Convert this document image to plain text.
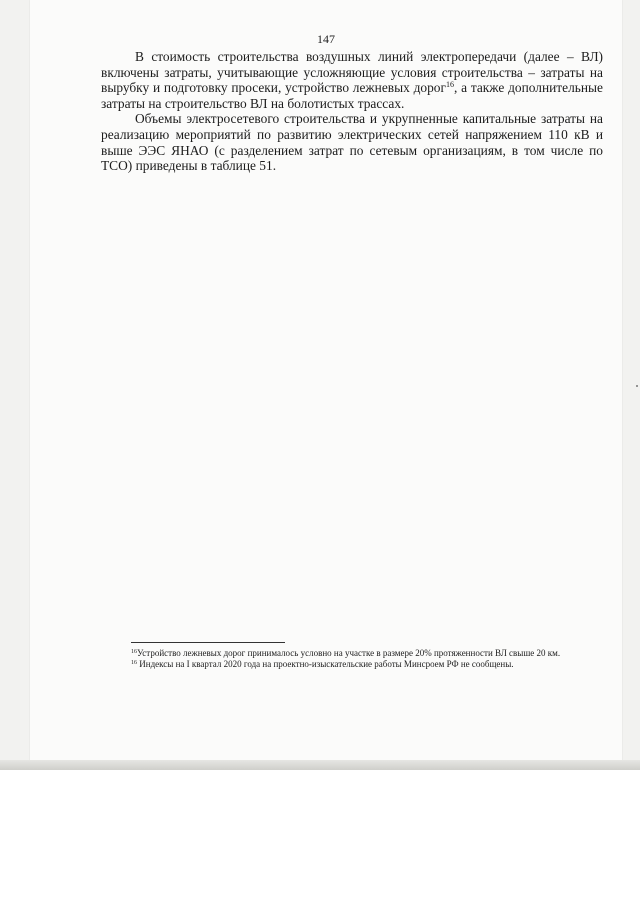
147

В стоимость строительства воздушных линий электропередачи (далее – ВЛ) включены затраты, учитывающие усложняющие условия строительства – затраты на вырубку и подготовку просеки, устройство лежневых дорог$^{16}$, а также дополнительные затраты на строительство ВЛ на болотистых трассах.

Объемы электросетевого строительства и укрупненные капитальные затраты на реализацию мероприятий по развитию электрических сетей напряжением 110 кВ и выше ЭЭС ЯНАО (с разделением затрат по сетевым организациям, в том числе по ТСО) приведены в таблице 51.

$^{16}$Устройство лежневых дорог принималось условно на участке в размере 20% протяженности ВЛ свыше 20 км.

$^{16}$ Индексы на I квартал 2020 года на проектно-изыскательские работы Минсроем РФ не сообщены.
